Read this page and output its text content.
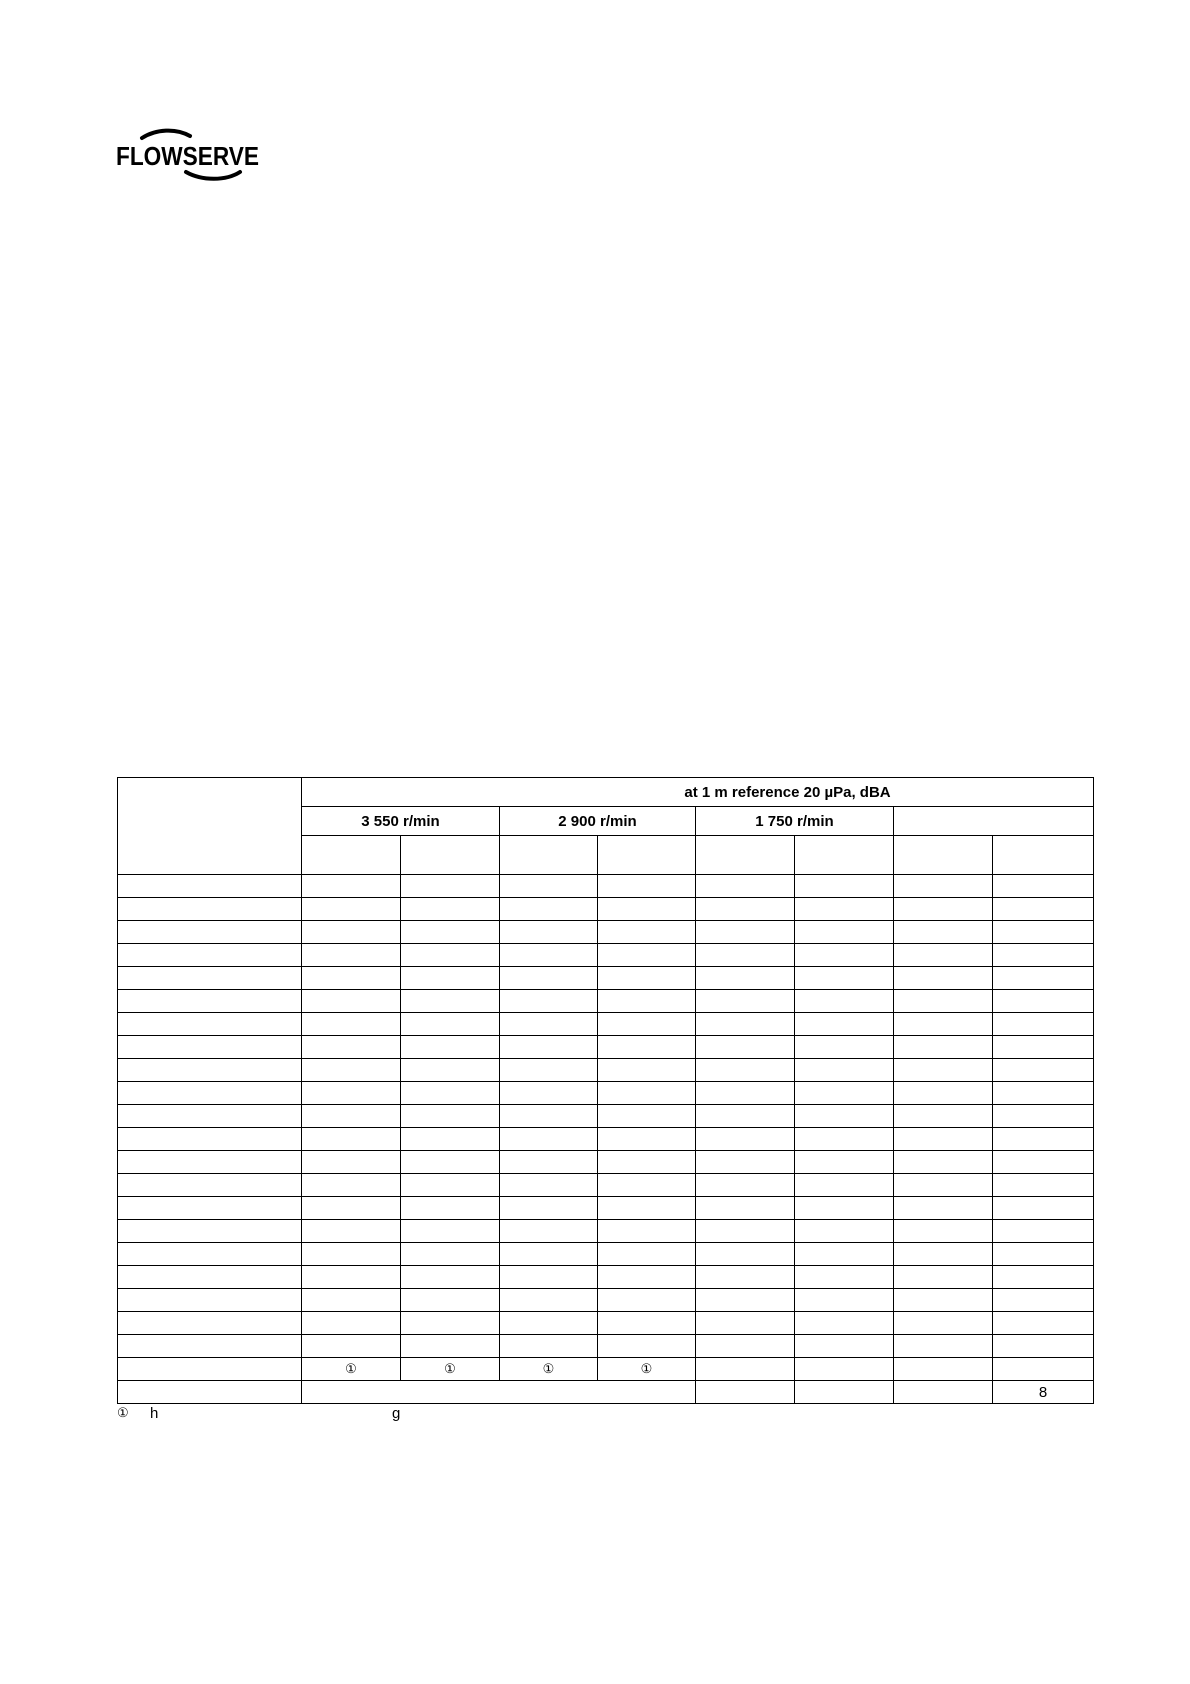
FLOWSERVE
	at 1 m reference 20 µPa, dBA							
	3 550 r/min		2 900 r/min		1 750 r/min			

	①	①	①	①				
								8
① h	g
